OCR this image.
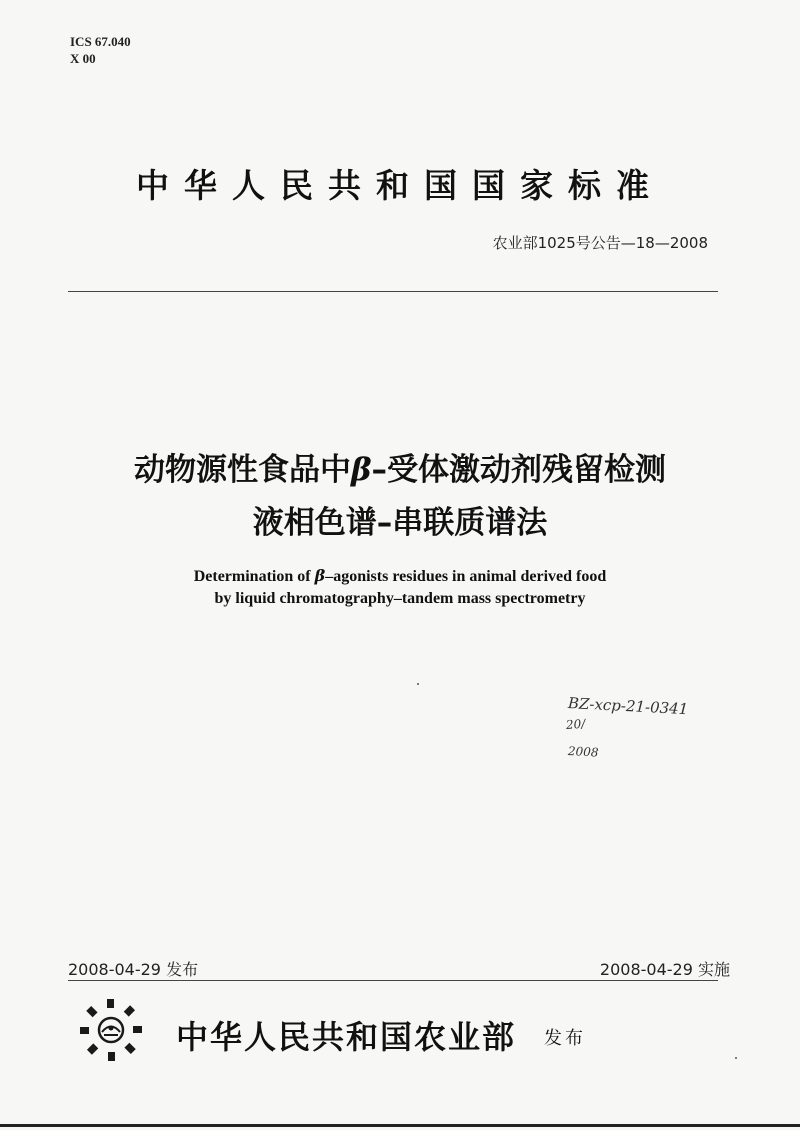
ICS 67.040
X 00
中华人民共和国国家标准
农业部1025号公告—18—2008
动物源性食品中β–受体激动剂残留检测
液相色谱–串联质谱法
Determination of β–agonists residues in animal derived food
by liquid chromatography–tandem mass spectrometry
BZ-xcp-21-0341
20/
2008
2008-04-29 发布	2008-04-29 实施
中华人民共和国农业部 发布
